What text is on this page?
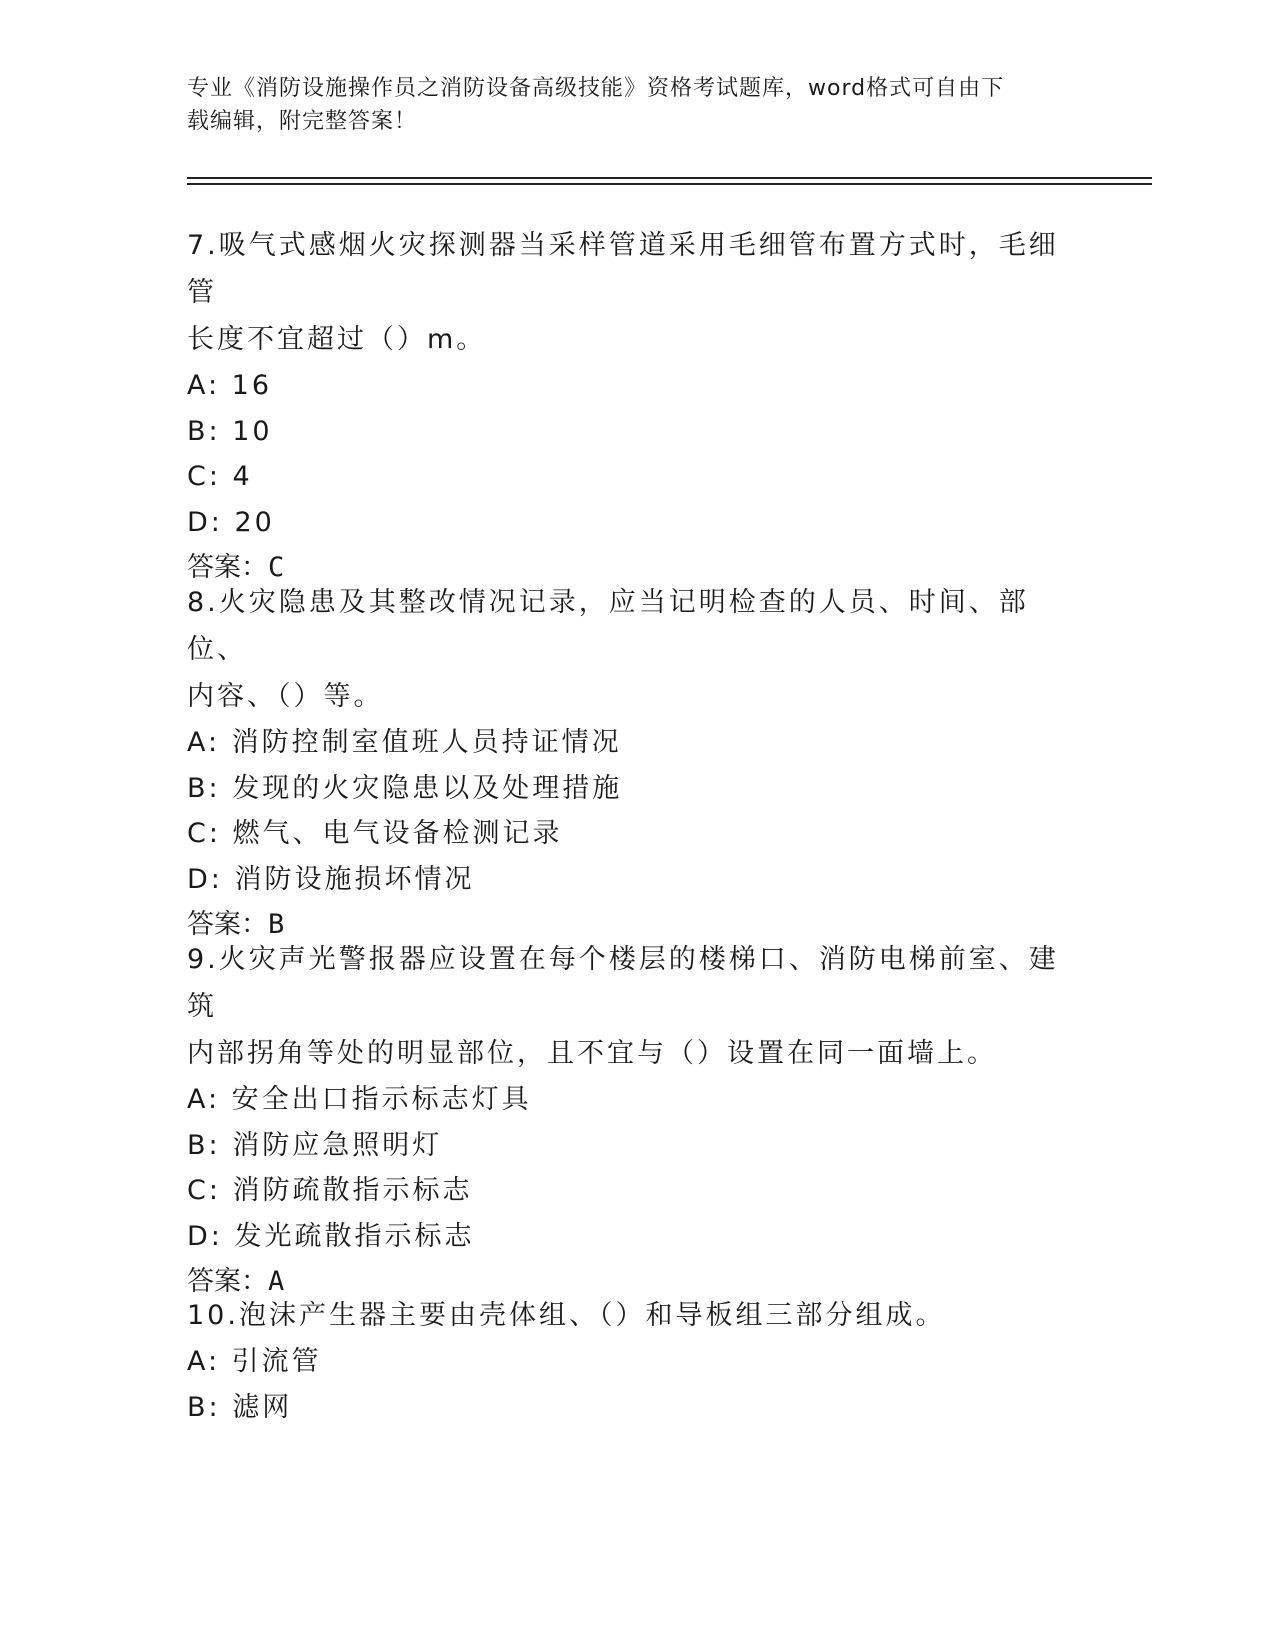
专业《消防设施操作员之消防设备高级技能》资格考试题库，word格式可自由下
载编辑，附完整答案！
7.吸气式感烟火灾探测器当采样管道采用毛细管布置方式时，毛细管
长度不宜超过（）m。
A: 16
B: 10
C: 4
D: 20
答案：C
8.火灾隐患及其整改情况记录，应当记明检查的人员、时间、部位、
内容、（）等。
A: 消防控制室值班人员持证情况
B: 发现的火灾隐患以及处理措施
C: 燃气、电气设备检测记录
D: 消防设施损坏情况
答案：B
9.火灾声光警报器应设置在每个楼层的楼梯口、消防电梯前室、建筑
内部拐角等处的明显部位，且不宜与（）设置在同一面墙上。
A: 安全出口指示标志灯具
B: 消防应急照明灯
C: 消防疏散指示标志
D: 发光疏散指示标志
答案：A
10.泡沫产生器主要由壳体组、（）和导板组三部分组成。
A: 引流管
B: 滤网
